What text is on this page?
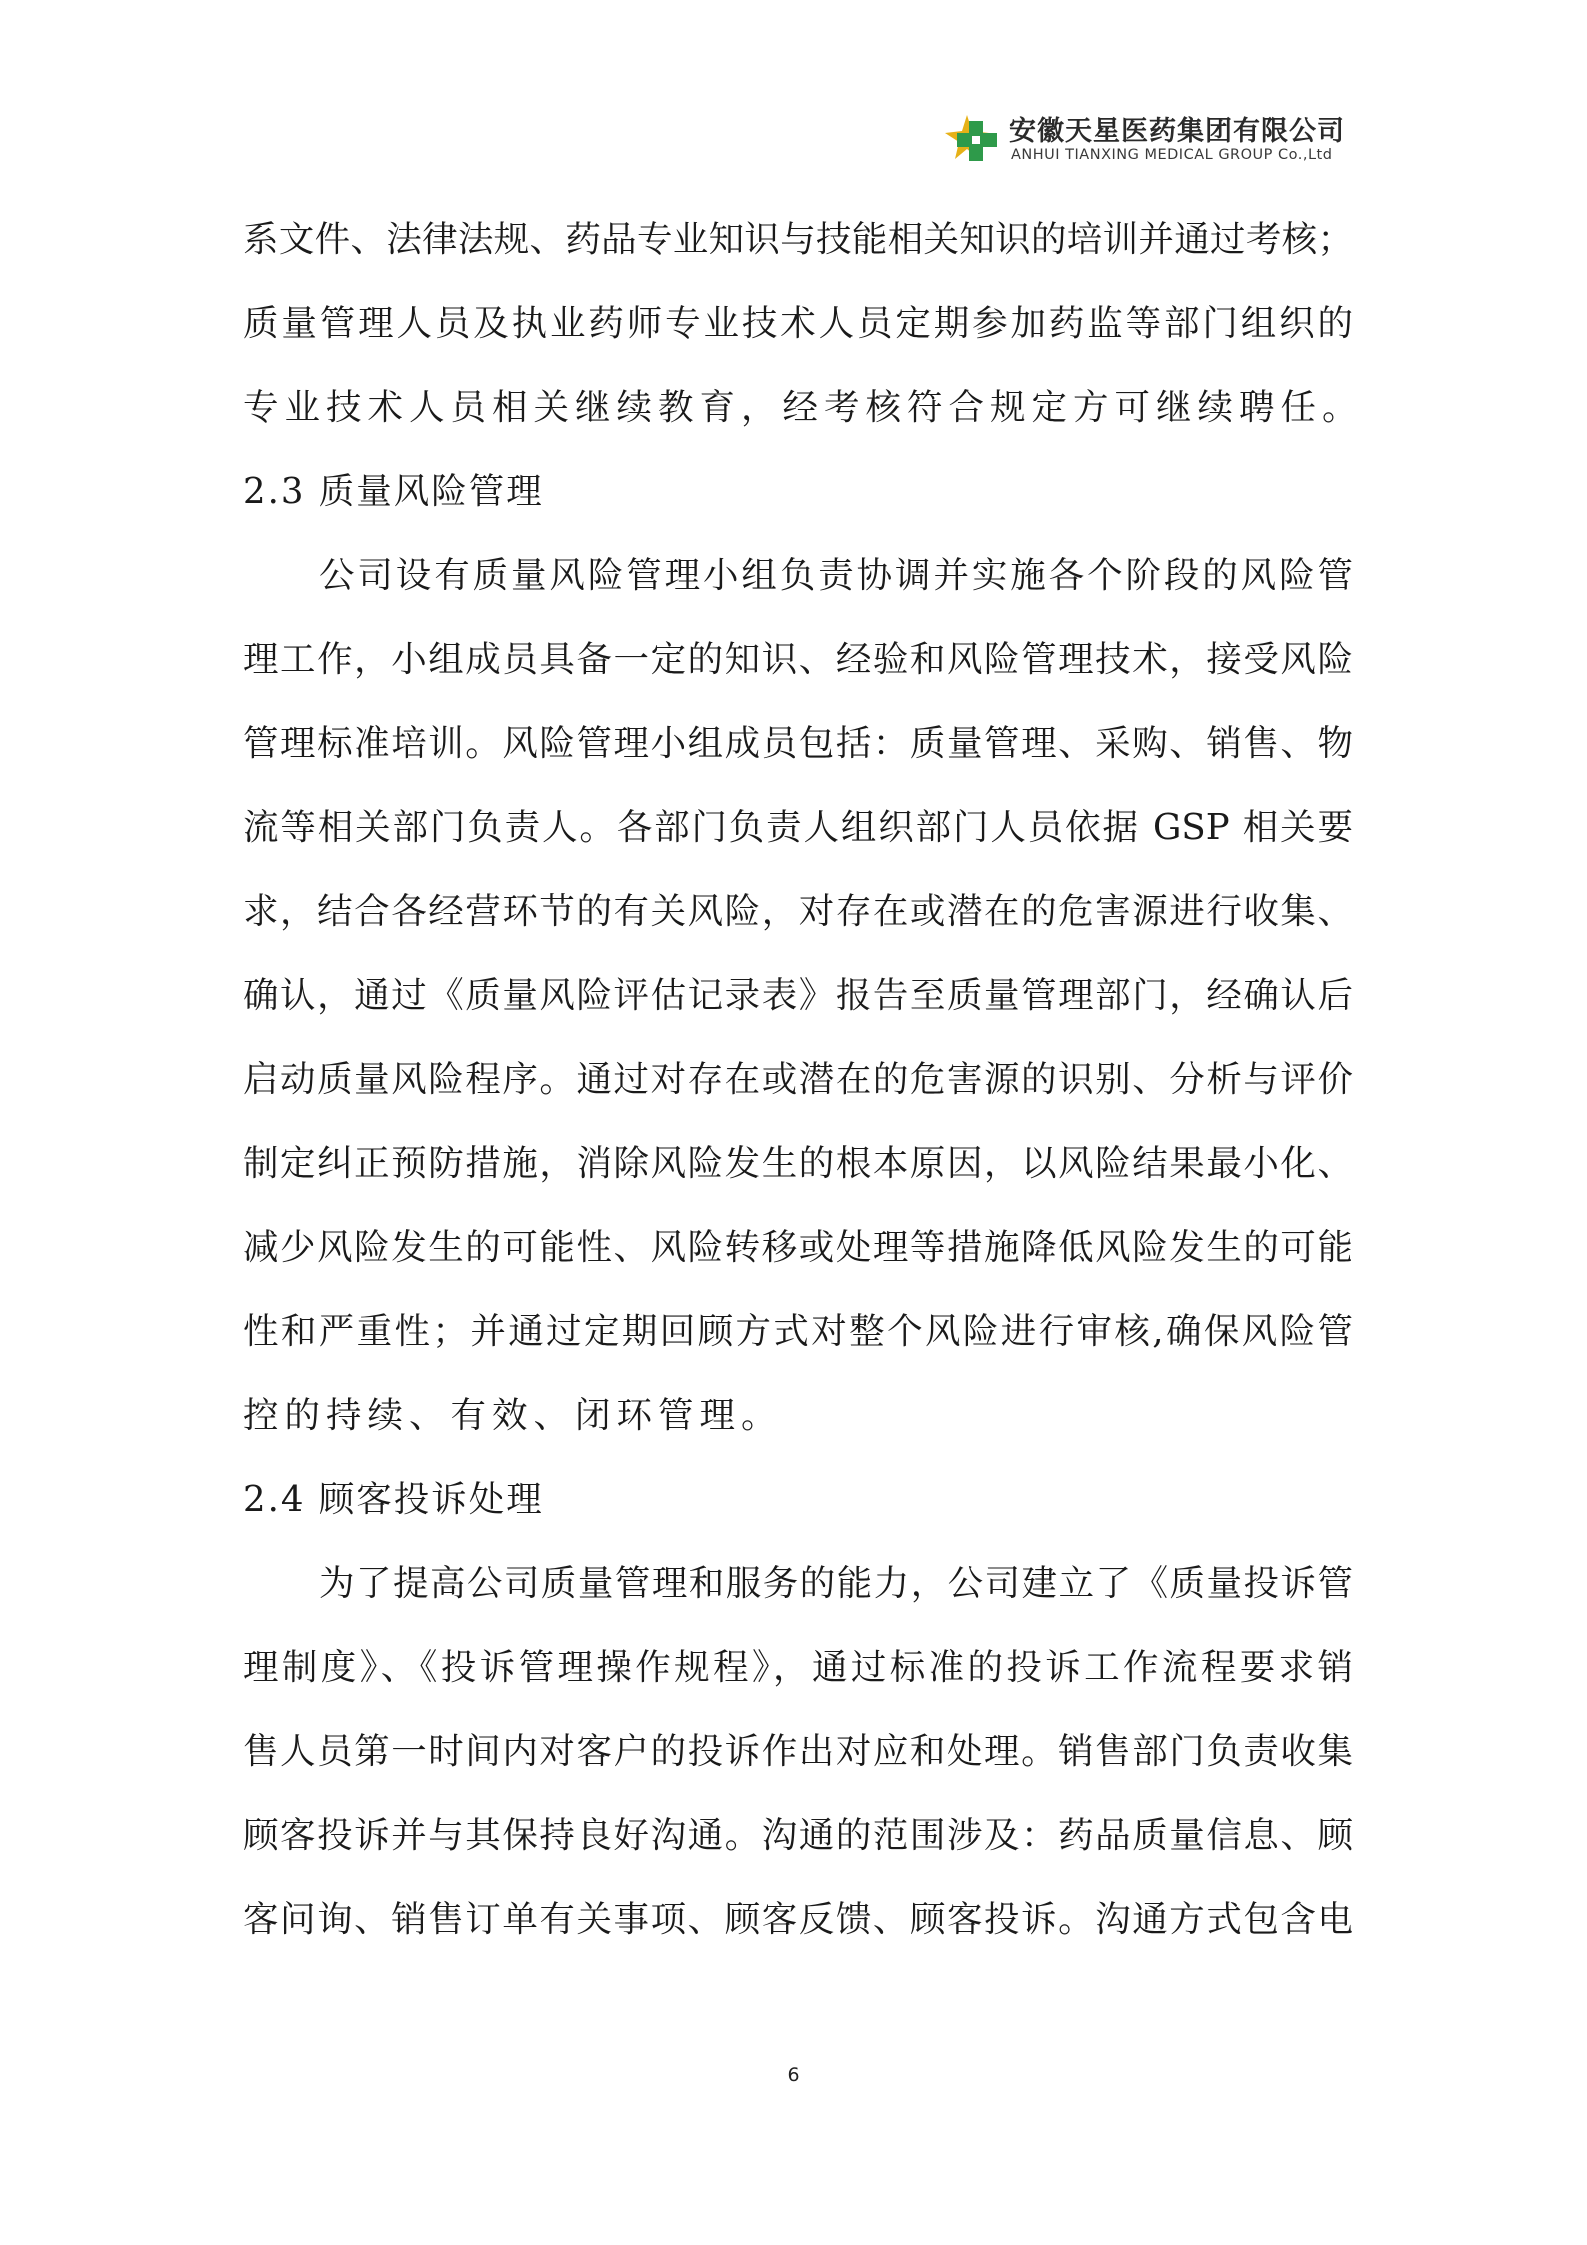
安徽天星医药集团有限公司
ANHUI TIANXING MEDICAL GROUP Co.,Ltd
系文件、法律法规、药品专业知识与技能相关知识的培训并通过考核；
质量管理人员及执业药师专业技术人员定期参加药监等部门组织的
专业技术人员相关继续教育，经考核符合规定方可继续聘任。
2.3 质量风险管理
公司设有质量风险管理小组负责协调并实施各个阶段的风险管
理工作，小组成员具备一定的知识、经验和风险管理技术，接受风险
管理标准培训。风险管理小组成员包括：质量管理、采购、销售、物
流等相关部门负责人。各部门负责人组织部门人员依据 GSP 相关要
求，结合各经营环节的有关风险，对存在或潜在的危害源进行收集、
确认，通过《质量风险评估记录表》报告至质量管理部门，经确认后
启动质量风险程序。通过对存在或潜在的危害源的识别、分析与评价
制定纠正预防措施，消除风险发生的根本原因，以风险结果最小化、
减少风险发生的可能性、风险转移或处理等措施降低风险发生的可能
性和严重性；并通过定期回顾方式对整个风险进行审核,确保风险管
控的持续、有效、闭环管理。
2.4 顾客投诉处理
为了提高公司质量管理和服务的能力，公司建立了《质量投诉管
理制度》、《投诉管理操作规程》，通过标准的投诉工作流程要求销
售人员第一时间内对客户的投诉作出对应和处理。销售部门负责收集
顾客投诉并与其保持良好沟通。沟通的范围涉及：药品质量信息、顾
客问询、销售订单有关事项、顾客反馈、顾客投诉。沟通方式包含电
6
